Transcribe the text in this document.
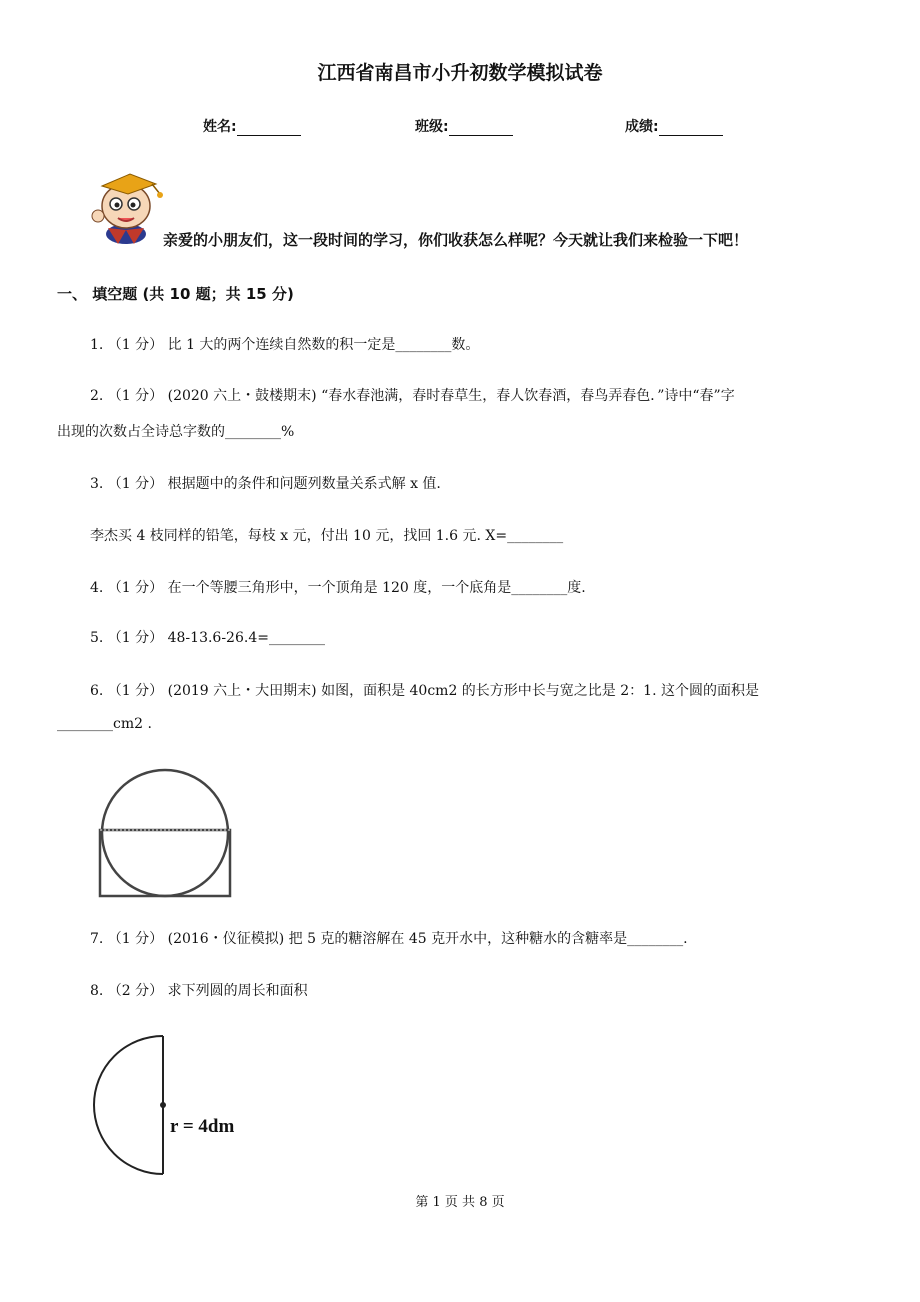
江西省南昌市小升初数学模拟试卷
姓名:	班级:	成绩:
亲爱的小朋友们，这一段时间的学习，你们收获怎么样呢？今天就让我们来检验一下吧！
一、 填空题 (共 10 题；共 15 分)
1. （1 分） 比 1 大的两个连续自然数的积一定是________数。
2. （1 分） (2020 六上・鼓楼期末) “春水春池满，春时春草生，春人饮春酒，春鸟弄春色．”诗中“春”字
出现的次数占全诗总字数的________%
3. （1 分） 根据题中的条件和问题列数量关系式解 x 值.
李杰买 4 枝同样的铅笔，每枝 x 元，付出 10 元，找回 1.6 元. X=________
4. （1 分） 在一个等腰三角形中，一个顶角是 120 度，一个底角是________度.
5. （1 分） 48-13.6-26.4=________
6. （1 分） (2019 六上・大田期末) 如图，面积是 40cm2 的长方形中长与宽之比是 2：1. 这个圆的面积是
________cm2 .
7. （1 分） (2016・仪征模拟) 把 5 克的糖溶解在 45 克开水中，这种糖水的含糖率是________.
8. （2 分） 求下列圆的周长和面积
r = 4dm
第 1 页 共 8 页
